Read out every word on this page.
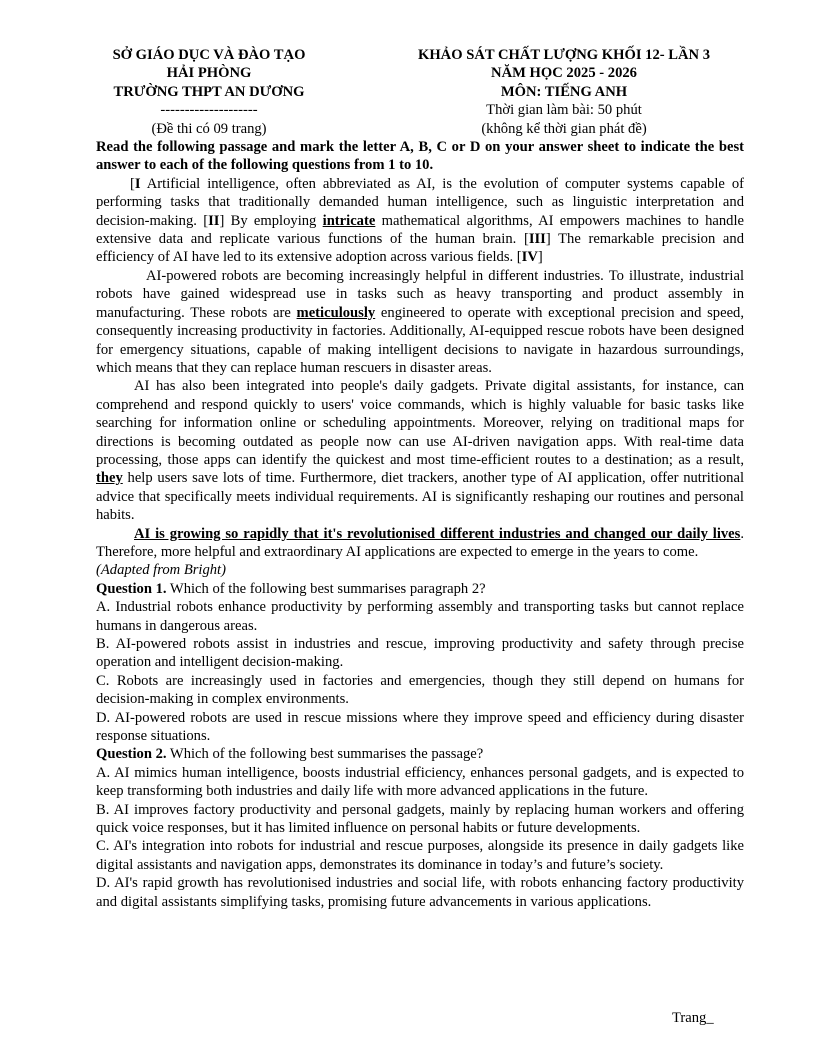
SỞ GIÁO DỤC VÀ ĐÀO TẠO
HẢI PHÒNG
TRƯỜNG THPT AN DƯƠNG
--------------------
(Đề thi có 09 trang)
KHẢO SÁT CHẤT LƯỢNG KHỐI 12- LẦN 3
NĂM HỌC 2025 - 2026
MÔN: TIẾNG ANH
Thời gian làm bài: 50 phút
(không kể thời gian phát đề)

Read the following passage and mark the letter A, B, C or D on your answer sheet to indicate the best answer to each of the following questions from 1 to 10.

[I Artificial intelligence, often abbreviated as AI, is the evolution of computer systems capable of performing tasks that traditionally demanded human intelligence, such as linguistic interpretation and decision-making. [II] By employing intricate mathematical algorithms, AI empowers machines to handle extensive data and replicate various functions of the human brain. [III] The remarkable precision and efficiency of AI have led to its extensive adoption across various fields. [IV]

AI-powered robots are becoming increasingly helpful in different industries. To illustrate, industrial robots have gained widespread use in tasks such as heavy transporting and product assembly in manufacturing. These robots are meticulously engineered to operate with exceptional precision and speed, consequently increasing productivity in factories. Additionally, AI-equipped rescue robots have been designed for emergency situations, capable of making intelligent decisions to navigate in hazardous surroundings, which means that they can replace human rescuers in disaster areas.

AI has also been integrated into people's daily gadgets. Private digital assistants, for instance, can comprehend and respond quickly to users' voice commands, which is highly valuable for basic tasks like searching for information online or scheduling appointments. Moreover, relying on traditional maps for directions is becoming outdated as people now can use AI-driven navigation apps. With real-time data processing, those apps can identify the quickest and most time-efficient routes to a destination; as a result, they help users save lots of time. Furthermore, diet trackers, another type of AI application, offer nutritional advice that specifically meets individual requirements. AI is significantly reshaping our routines and personal habits.

AI is growing so rapidly that it's revolutionised different industries and changed our daily lives. Therefore, more helpful and extraordinary AI applications are expected to emerge in the years to come.

(Adapted from Bright)

Question 1. Which of the following best summarises paragraph 2?

A. Industrial robots enhance productivity by performing assembly and transporting tasks but cannot replace humans in dangerous areas.

B. AI-powered robots assist in industries and rescue, improving productivity and safety through precise operation and intelligent decision-making.

C. Robots are increasingly used in factories and emergencies, though they still depend on humans for decision-making in complex environments.

D. AI-powered robots are used in rescue missions where they improve speed and efficiency during disaster response situations.

Question 2. Which of the following best summarises the passage?

A. AI mimics human intelligence, boosts industrial efficiency, enhances personal gadgets, and is expected to keep transforming both industries and daily life with more advanced applications in the future.

B. AI improves factory productivity and personal gadgets, mainly by replacing human workers and offering quick voice responses, but it has limited influence on personal habits or future developments.

C. AI's integration into robots for industrial and rescue purposes, alongside its presence in daily gadgets like digital assistants and navigation apps, demonstrates its dominance in today’s and future’s society.

D. AI's rapid growth has revolutionised industries and social life, with robots enhancing factory productivity and digital assistants simplifying tasks, promising future advancements in various applications.

Trang_
